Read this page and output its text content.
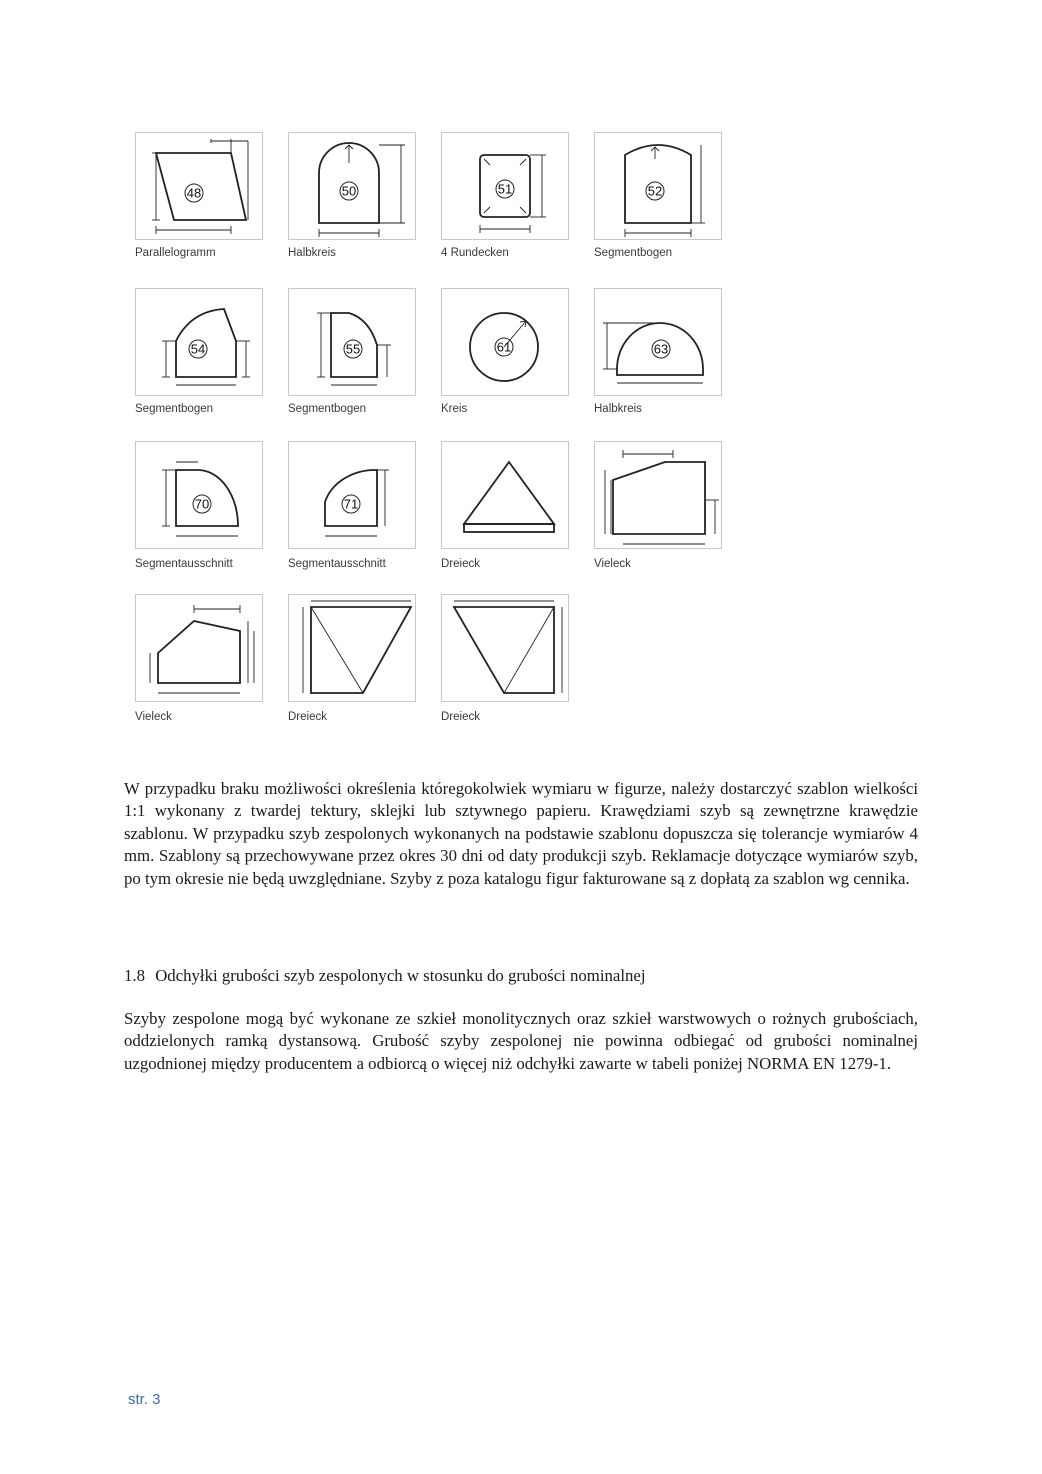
48
Parallelogramm
50
Halbkreis
51
4 Rundecken
52
Segmentbogen
54
Segmentbogen
55
Segmentbogen
61
Kreis
63
Halbkreis
70
Segmentausschnitt
71
Segmentausschnitt	Dreieck	Vieleck
Vieleck	Dreieck	Dreieck

W przypadku braku możliwości określenia któregokolwiek wymiaru w figurze, należy dostarczyć szablon wielkości 1:1 wykonany z twardej tektury, sklejki lub sztywnego papieru. Krawędziami szyb są zewnętrzne krawędzie szablonu. W przypadku szyb zespolonych wykonanych na podstawie szablonu dopuszcza się tolerancje wymiarów 4 mm. Szablony są przechowywane przez okres 30 dni od daty produkcji szyb. Reklamacje dotyczące wymiarów szyb, po tym okresie nie będą uwzględniane. Szyby z poza katalogu figur fakturowane są z dopłatą za szablon wg cennika.

1.8 Odchyłki grubości szyb zespolonych w stosunku do grubości nominalnej

Szyby zespolone mogą być wykonane ze szkieł monolitycznych oraz szkieł warstwowych o rożnych grubościach, oddzielonych ramką dystansową. Grubość szyby zespolonej nie powinna odbiegać od grubości nominalnej uzgodnionej między producentem a odbiorcą o więcej niż odchyłki zawarte w tabeli poniżej NORMA EN 1279-1.

str. 3
